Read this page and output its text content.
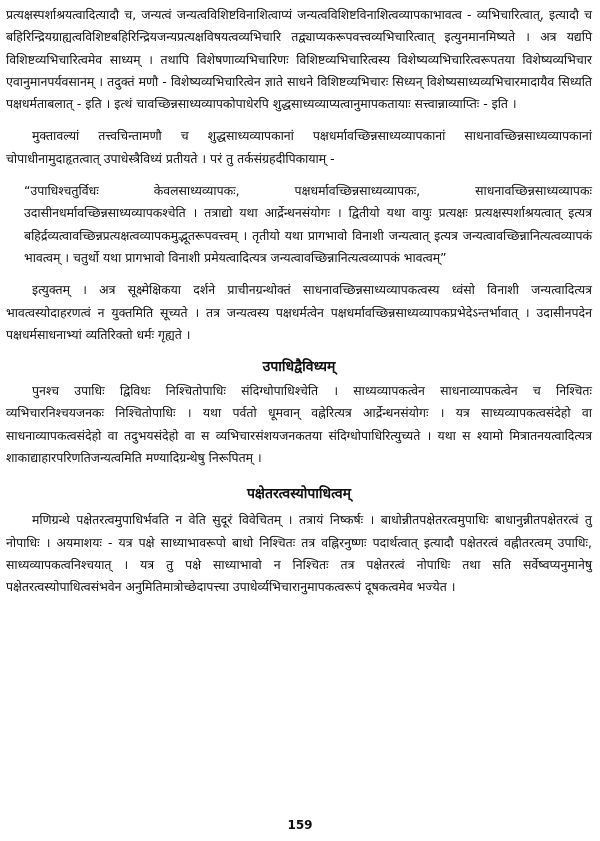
प्रत्यक्षस्पर्शाश्रयत्वादित्यादौ च, जन्यत्वं जन्यत्वविशिष्टविनाशित्वाप्यं जन्यत्वविशिष्टविनाशित्वव्यापकाभावत्व - व्यभिचारित्वात्, इत्यादौ च बहिरिन्द्रियग्राह्यत्वविशिष्टबहिरिन्द्रियजन्यप्रत्यक्षविषयत्वव्यभिचारि तद्व्याप्यकरूपवत्त्वव्यभिचारित्वात् इत्युनमानमिष्यते । अत्र यद्यपि विशिष्टव्यभिचारित्वमेव साध्यम् । तथापि विशेषणाव्यभिचारिणः विशिष्टव्यभिचारित्वस्य विशेष्यव्यभिचारित्वरूपतया विशेष्यव्यभिचार एवानुमानपर्यवसानम् । तदुक्तं मणौ - विशेष्यव्यभिचारित्वेन ज्ञाते साधने विशिष्टव्यभिचारः सिध्यन् विशेष्यसाध्यव्यभिचारमादायैव सिध्यति पक्षधर्मताबलात् - इति । इत्थं चावच्छिन्नसाध्यव्यापकोपाधेरपि शुद्धसाध्यव्याप्यत्वानुमापकतायाः सत्त्वान्नाव्याप्तिः - इति ।

मुक्तावल्यां तत्त्वचिन्तामणौ च शुद्धसाध्यव्यापकानां पक्षधर्मावच्छिन्नसाध्यव्यापकानां साधनावच्छिन्नसाध्यव्यापकानां चोपाधीनामुदाहृतत्वात् उपाधेस्त्रैविध्यं प्रतीयते । परं तु तर्कसंग्रहदीपिकायाम् -

“उपाधिश्चतुर्विधः केवलसाध्यव्यापकः, पक्षधर्मावच्छिन्नसाध्यव्यापकः, साधनावच्छिन्नसाध्यव्यापकः उदासीनधर्मावच्छिन्नसाध्यव्यापकश्चेति । तत्राद्यो यथा आर्द्रेन्धनसंयोगः । द्वितीयो यथा वायुः प्रत्यक्षः प्रत्यक्षस्पर्शाश्रयत्वात् इत्यत्र बहिर्द्रव्यत्वावच्छिन्नप्रत्यक्षत्वव्यापकमुद्भूतरूपवत्त्वम् । तृतीयो यथा प्रागभावो विनाशी जन्यत्वात् इत्यत्र जन्यत्वावच्छिन्नानित्यत्वव्यापकं भावत्वम् । चतुर्थो यथा प्रागभावो विनाशी प्रमेयत्वादित्यत्र जन्यत्वावच्छिन्नानित्यत्वव्यापकं भावत्वम्”

इत्युक्तम् । अत्र सूक्ष्मेक्षिकया दर्शने प्राचीनग्रन्थोक्तं साधनावच्छिन्नसाध्यव्यापकत्वस्य ध्वंसो विनाशी जन्यत्वादित्यत्र भावत्वस्योदाहरणत्वं न युक्तमिति सूच्यते । तत्र जन्यत्वस्य पक्षधर्मत्वेन पक्षधर्मावच्छिन्नसाध्यव्यापकप्रभेदेऽन्तर्भावात् । उदासीनपदेन पक्षधर्मसाधनाभ्यां व्यतिरिक्तो धर्मः गृह्यते ।

उपाधिद्वैविध्यम्

पुनश्च उपाधिः द्विविधः निश्चितोपाधिः संदिग्धोपाधिश्चेति । साध्यव्यापकत्वेन साधनाव्यापकत्वेन च निश्चितः व्यभिचारनिश्चयजनकः निश्चितोपाधिः । यथा पर्वतो धूमवान् वह्नेरित्यत्र आर्द्रेन्धनसंयोगः । यत्र साध्यव्यापकत्वसंदेहो वा साधनाव्यापकत्वसंदेहो वा तदुभयसंदेहो वा स व्यभिचारसंशयजनकतया संदिग्धोपाधिरित्युच्यते । यथा स श्यामो मित्रातनयत्वादित्यत्र शाकाद्याहारपरिणतिजन्यत्वमिति मण्यादिग्रन्थेषु निरूपितम् ।

पक्षेतरत्वस्योपाधित्वम्

मणिग्रन्थे पक्षेतरत्वमुपाधिर्भवति न वेति सुदूरं विवेचितम् । तत्रायं निष्कर्षः । बाधोन्नीतपक्षेतरत्वमुपाधिः बाधानुन्नीतपक्षेतरत्वं तु नोपाधिः । अयमाशयः - यत्र पक्षे साध्याभावरूपो बाधो निश्चितः तत्र वह्निरनुष्णः पदार्थत्वात् इत्यादौ पक्षेतरत्वं वह्नीतरत्वम् उपाधिः, साध्यव्यापकत्वनिश्चयात् । यत्र तु पक्षे साध्याभावो न निश्चितः तत्र पक्षेतरत्वं नोपाधिः तथा सति सर्वेष्वप्यनुमानेषु पक्षेतरत्वस्योपाधित्वसंभवेन अनुमितिमात्रोच्छेदापत्त्या उपाधेर्व्यभिचारानुमापकत्वरूपं दूषकत्वमेव भज्येत ।

159
